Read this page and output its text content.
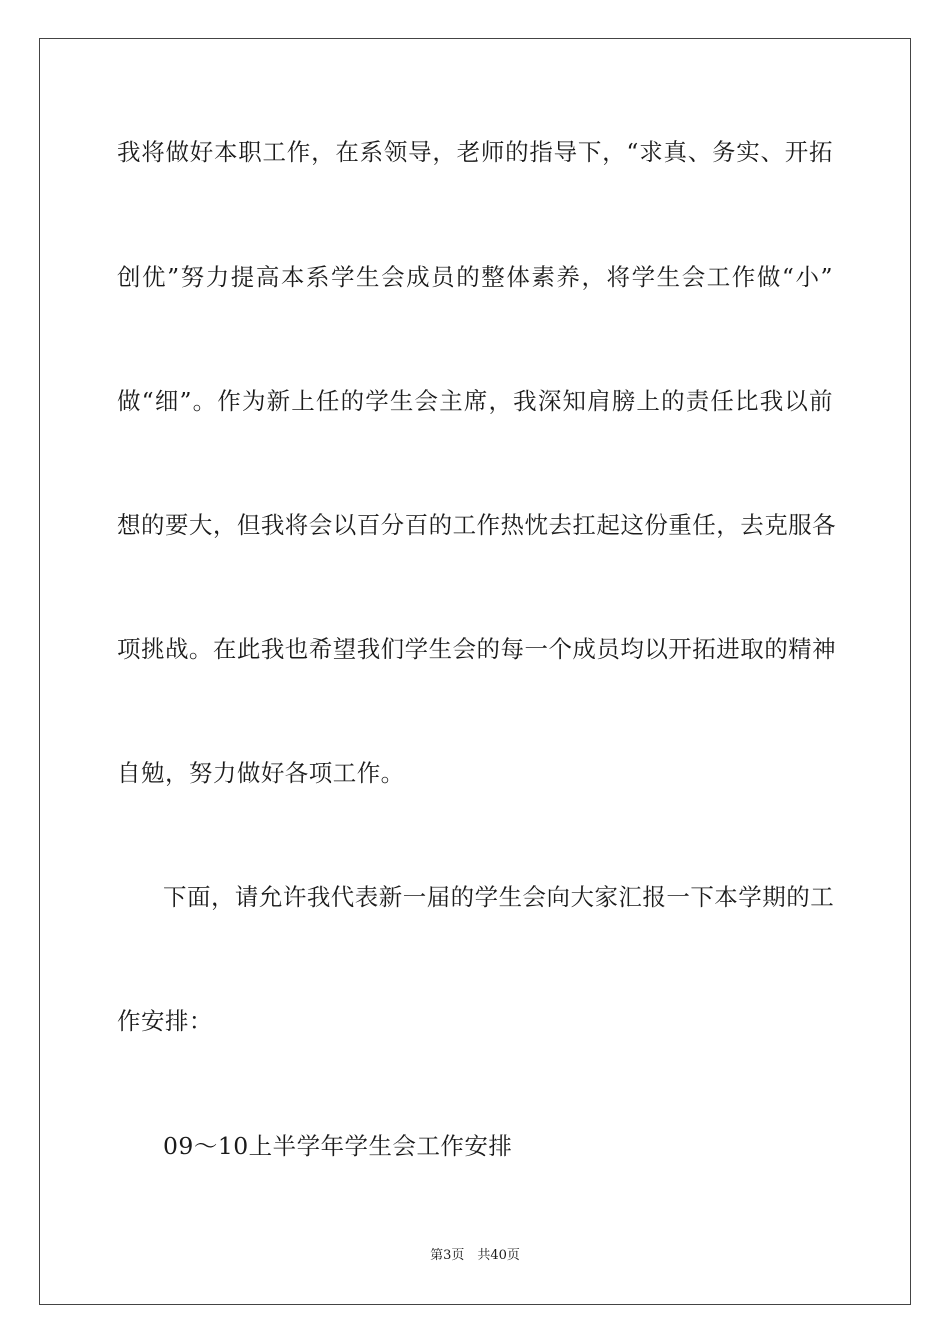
我将做好本职工作，在系领导，老师的指导下，“求真、务实、开拓
创优”努力提高本系学生会成员的整体素养，将学生会工作做“小”
做“细”。作为新上任的学生会主席，我深知肩膀上的责任比我以前
想的要大，但我将会以百分百的工作热忱去扛起这份重任，去克服各
项挑战。在此我也希望我们学生会的每一个成员均以开拓进取的精神
自勉，努力做好各项工作。
下面，请允许我代表新一届的学生会向大家汇报一下本学期的工
作安排：
09～10上半学年学生会工作安排
第3页　共40页
